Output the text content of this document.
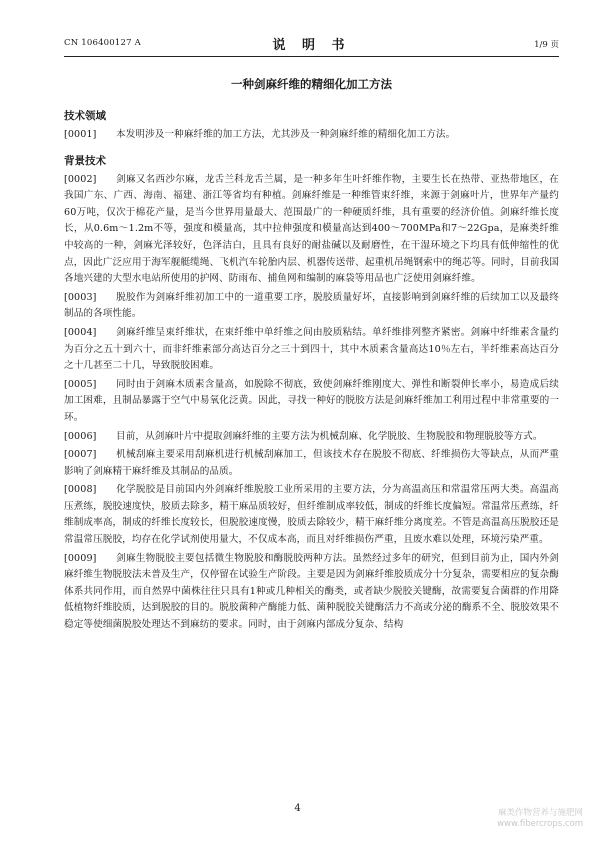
CN 106400127 A	说 明 书	1/9 页
一种剑麻纤维的精细化加工方法
技术领域

[0001] 本发明涉及一种麻纤维的加工方法，尤其涉及一种剑麻纤维的精细化加工方法。

背景技术

[0002] 剑麻又名西沙尔麻，龙舌兰科龙舌兰属，是一种多年生叶纤维作物，主要生长在热带、亚热带地区，在我国广东、广西、海南、福建、浙江等省均有种植。剑麻纤维是一种维管束纤维，来源于剑麻叶片，世界年产量约60万吨，仅次于棉花产量，是当今世界用量最大、范围最广的一种硬质纤维，具有重要的经济价值。剑麻纤维长度长，从0.6m～1.2m不等，强度和模量高，其中拉伸强度和模量高达到400～700MPa和7～22Gpa，是麻类纤维中较高的一种，剑麻光泽较好，色泽洁白，且具有良好的耐盐碱以及耐磨性，在干湿环境之下均具有低伸缩性的优点，因此广泛应用于海军舰艇缆绳、飞机汽车轮胎内层、机器传送带、起重机吊绳钢索中的绳芯等。同时，目前我国各地兴建的大型水电站所使用的护网、防雨布、捕鱼网和编制的麻袋等用品也广泛使用剑麻纤维。

[0003] 脱胶作为剑麻纤维初加工中的一道重要工序，脱胶质量好坏，直接影响到剑麻纤维的后续加工以及最终制品的各项性能。

[0004] 剑麻纤维呈束纤维状，在束纤维中单纤维之间由胶质粘结。单纤维排列整齐紧密。剑麻中纤维素含量约为百分之五十到六十，而非纤维素部分高达百分之三十到四十，其中木质素含量高达10％左右，半纤维素高达百分之十几甚至二十几，导致脱胶困难。

[0005] 同时由于剑麻木质素含量高，如脱除不彻底，致使剑麻纤维刚度大、弹性和断裂伸长率小，易造成后续加工困难，且制品暴露于空气中易氧化泛黄。因此，寻找一种好的脱胶方法是剑麻纤维加工利用过程中非常重要的一环。

[0006] 目前，从剑麻叶片中提取剑麻纤维的主要方法为机械刮麻、化学脱胶、生物脱胶和物理脱胶等方式。

[0007] 机械刮麻主要采用刮麻机进行机械刮麻加工，但该技术存在脱胶不彻底、纤维损伤大等缺点，从而严重影响了剑麻精干麻纤维及其制品的品质。

[0008] 化学脱胶是目前国内外剑麻纤维脱胶工业所采用的主要方法，分为高温高压和常温常压两大类。高温高压煮练，脱胶速度快，胶质去除多，精干麻品质较好，但纤维制成率较低，制成的纤维长度偏短。常温常压煮练，纤维制成率高，制成的纤维长度较长，但脱胶速度慢，胶质去除较少，精干麻纤维分离度差。不管是高温高压脱胶还是常温常压脱胶，均存在化学试剂使用量大，不仅成本高，而且对纤维损伤严重，且废水难以处理，环境污染严重。

[0009] 剑麻生物脱胶主要包括微生物脱胶和酶脱胶两种方法。虽然经过多年的研究，但到目前为止，国内外剑麻纤维生物脱胶法未普及生产，仅停留在试验生产阶段。主要是因为剑麻纤维胶质成分十分复杂，需要相应的复杂酶体系共同作用，而自然界中菌株往往只具有1种或几种相关的酶类，或者缺少脱胶关键酶，故需要复合菌群的作用降低植物纤维胶质，达到脱胶的目的。脱胶菌种产酶能力低、菌种脱胶关键酶活力不高或分泌的酶系不全、脱胶效果不稳定等使细菌脱胶处理达不到麻纺的要求。同时，由于剑麻内部成分复杂、结构

4	麻类作物营养与施肥网
www.fibercrops.com
